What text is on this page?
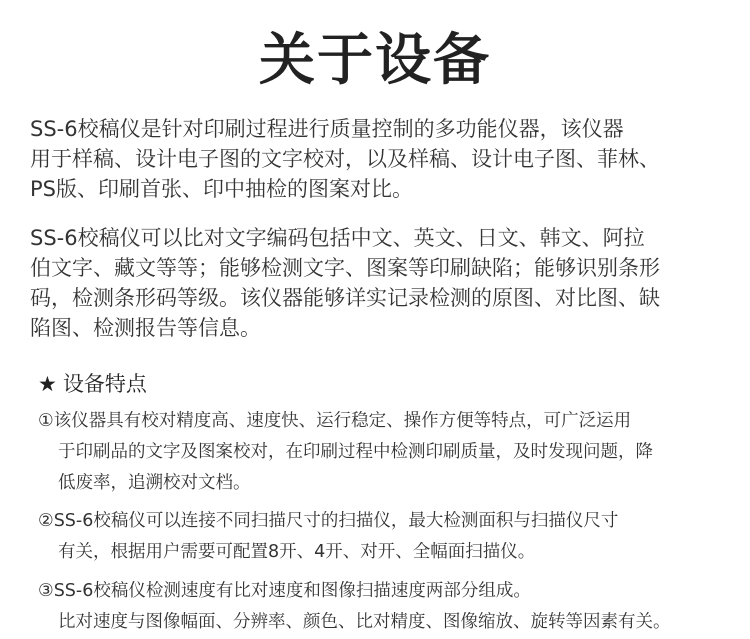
关于设备

SS-6校稿仪是针对印刷过程进行质量控制的多功能仪器，该仪器
用于样稿、设计电子图的文字校对，以及样稿、设计电子图、菲林、
PS版、印刷首张、印中抽检的图案对比。

SS-6校稿仪可以比对文字编码包括中文、英文、日文、韩文、阿拉
伯文字、藏文等等；能够检测文字、图案等印刷缺陷；能够识别条形
码，检测条形码等级。该仪器能够详实记录检测的原图、对比图、缺
陷图、检测报告等信息。

★ 设备特点
①该仪器具有校对精度高、速度快、运行稳定、操作方便等特点，可广泛运用
于印刷品的文字及图案校对，在印刷过程中检测印刷质量，及时发现问题，降
低废率，追溯校对文档。
②SS-6校稿仪可以连接不同扫描尺寸的扫描仪，最大检测面积与扫描仪尺寸
有关，根据用户需要可配置8开、4开、对开、全幅面扫描仪。
③SS-6校稿仪检测速度有比对速度和图像扫描速度两部分组成。
比对速度与图像幅面、分辨率、颜色、比对精度、图像缩放、旋转等因素有关。
